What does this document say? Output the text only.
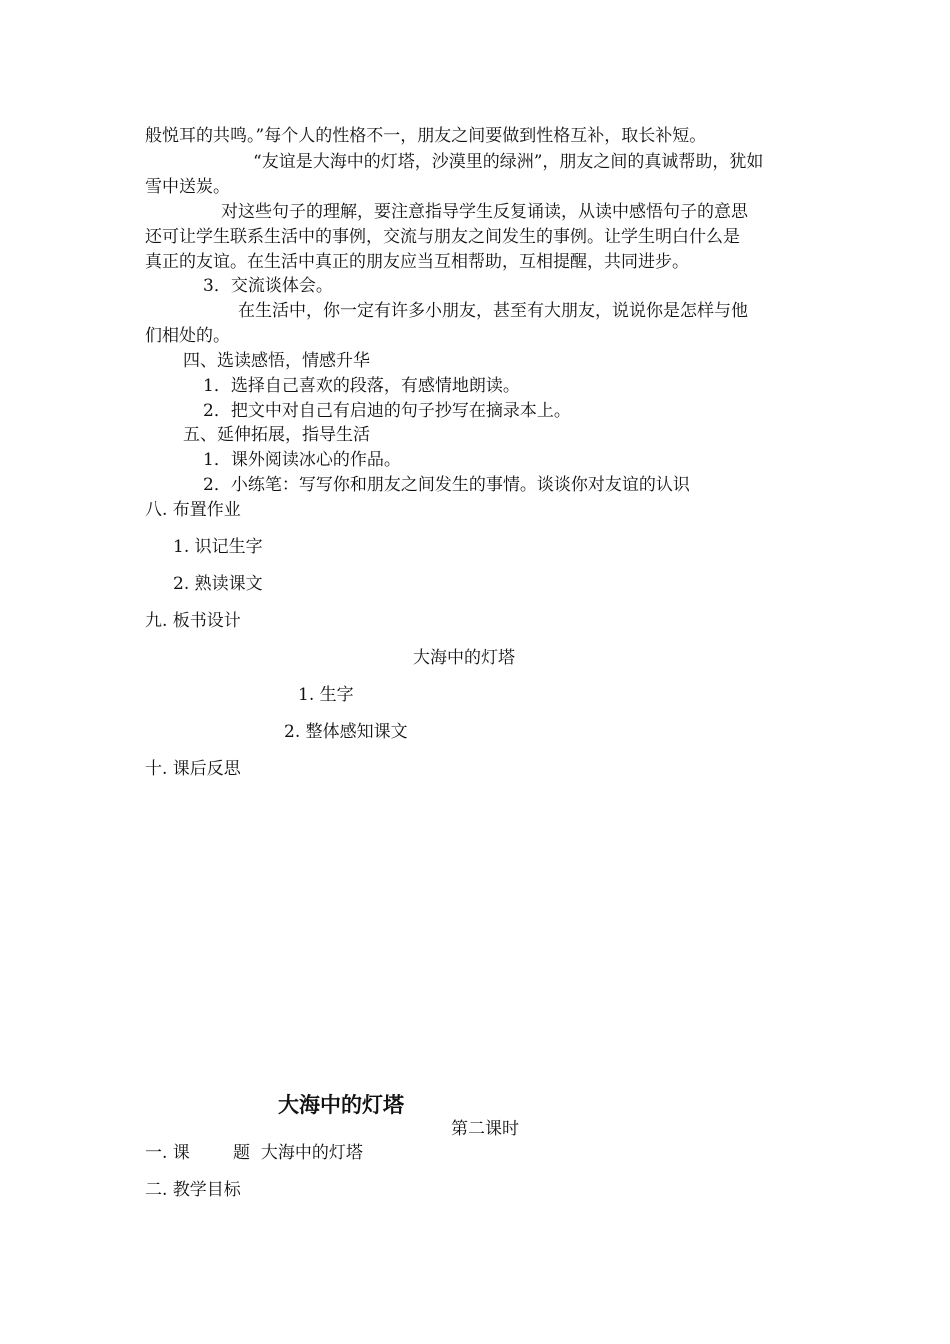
般悦耳的共鸣。”每个人的性格不一，朋友之间要做到性格互补，取长补短。
“友谊是大海中的灯塔，沙漠里的绿洲”，朋友之间的真诚帮助，犹如
雪中送炭。
对这些句子的理解，要注意指导学生反复诵读，从读中感悟句子的意思
还可让学生联系生活中的事例，交流与朋友之间发生的事例。让学生明白什么是
真正的友谊。在生活中真正的朋友应当互相帮助，互相提醒，共同进步。
3．交流谈体会。
在生活中，你一定有许多小朋友，甚至有大朋友，说说你是怎样与他
们相处的。
四、选读感悟，情感升华
1．选择自己喜欢的段落，有感情地朗读。
2．把文中对自己有启迪的句子抄写在摘录本上。
五、延伸拓展，指导生活
1．课外阅读冰心的作品。
2．小练笔：写写你和朋友之间发生的事情。谈谈你对友谊的认识
八. 布置作业
1. 识记生字
2. 熟读课文
九. 板书设计
大海中的灯塔
1. 生字
2. 整体感知课文
十. 课后反思
大海中的灯塔
第二课时
一. 课        题  大海中的灯塔
二. 教学目标
